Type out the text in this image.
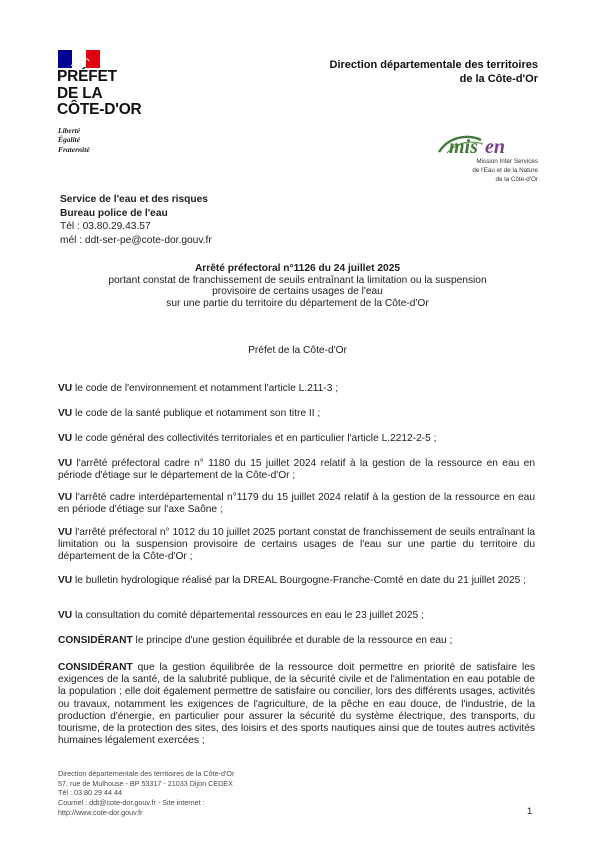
PRÉFET
DE LA
CÔTE-D'OR
Liberté
Égalité
Fraternité
Direction départementale des territoires
de la Côte-d'Or
mis en
Mission Inter Services
de l'Eau et de la Nature
de la Côte-d'Or
Service de l'eau et des risques
Bureau police de l'eau
Tél : 03.80.29.43.57
mél : ddt-ser-pe@cote-dor.gouv.fr
Arrêté préfectoral n°1126 du 24 juillet 2025
portant constat de franchissement de seuils entraînant la limitation ou la suspension
provisoire de certains usages de l'eau
sur une partie du territoire du département de la Côte-d'Or
Préfet de la Côte-d'Or
VU le code de l'environnement et notamment l'article L.211-3 ;
VU le code de la santé publique et notamment son titre II ;
VU le code général des collectivités territoriales et en particulier l'article L.2212-2-5 ;
VU l'arrêté préfectoral cadre n° 1180 du 15 juillet 2024 relatif à la gestion de la ressource en eau en période d'étiage sur le département de la Côte-d'Or ;
VU l'arrêté cadre interdépartemental n°1179 du 15 juillet 2024 relatif à la gestion de la ressource en eau en période d'étiage sur l'axe Saône ;
VU l'arrêté préfectoral n° 1012 du 10 juillet 2025 portant constat de franchissement de seuils entraînant la limitation ou la suspension provisoire de certains usages de l'eau sur une partie du territoire du département de la Côte-d'Or ;
VU le bulletin hydrologique réalisé par la DREAL Bourgogne-Franche-Comté en date du 21 juillet 2025 ;
VU la consultation du comité départemental ressources en eau le 23 juillet 2025 ;
CONSIDÉRANT le principe d'une gestion équilibrée et durable de la ressource en eau ;
CONSIDÉRANT que la gestion équilibrée de la ressource doit permettre en priorité de satisfaire les exigences de la santé, de la salubrité publique, de la sécurité civile et de l'alimentation en eau potable de la population ; elle doit également permettre de satisfaire ou concilier, lors des différents usages, activités ou travaux, notamment les exigences de l'agriculture, de la pêche en eau douce, de l'industrie, de la production d'énergie, en particulier pour assurer la sécurité du système électrique, des transports, du tourisme, de la protection des sites, des loisirs et des sports nautiques ainsi que de toutes autres activités humaines légalement exercées ;
Direction départementale des territoires de la Côte-d'Or
57, rue de Mulhouse - BP 53317 - 21033 Dijon CEDEX
Tél : 03 80 29 44 44
Courriel : ddt@cote-dor.gouv.fr - Site internet :
http://www.cote-dor.gouv.fr	1
